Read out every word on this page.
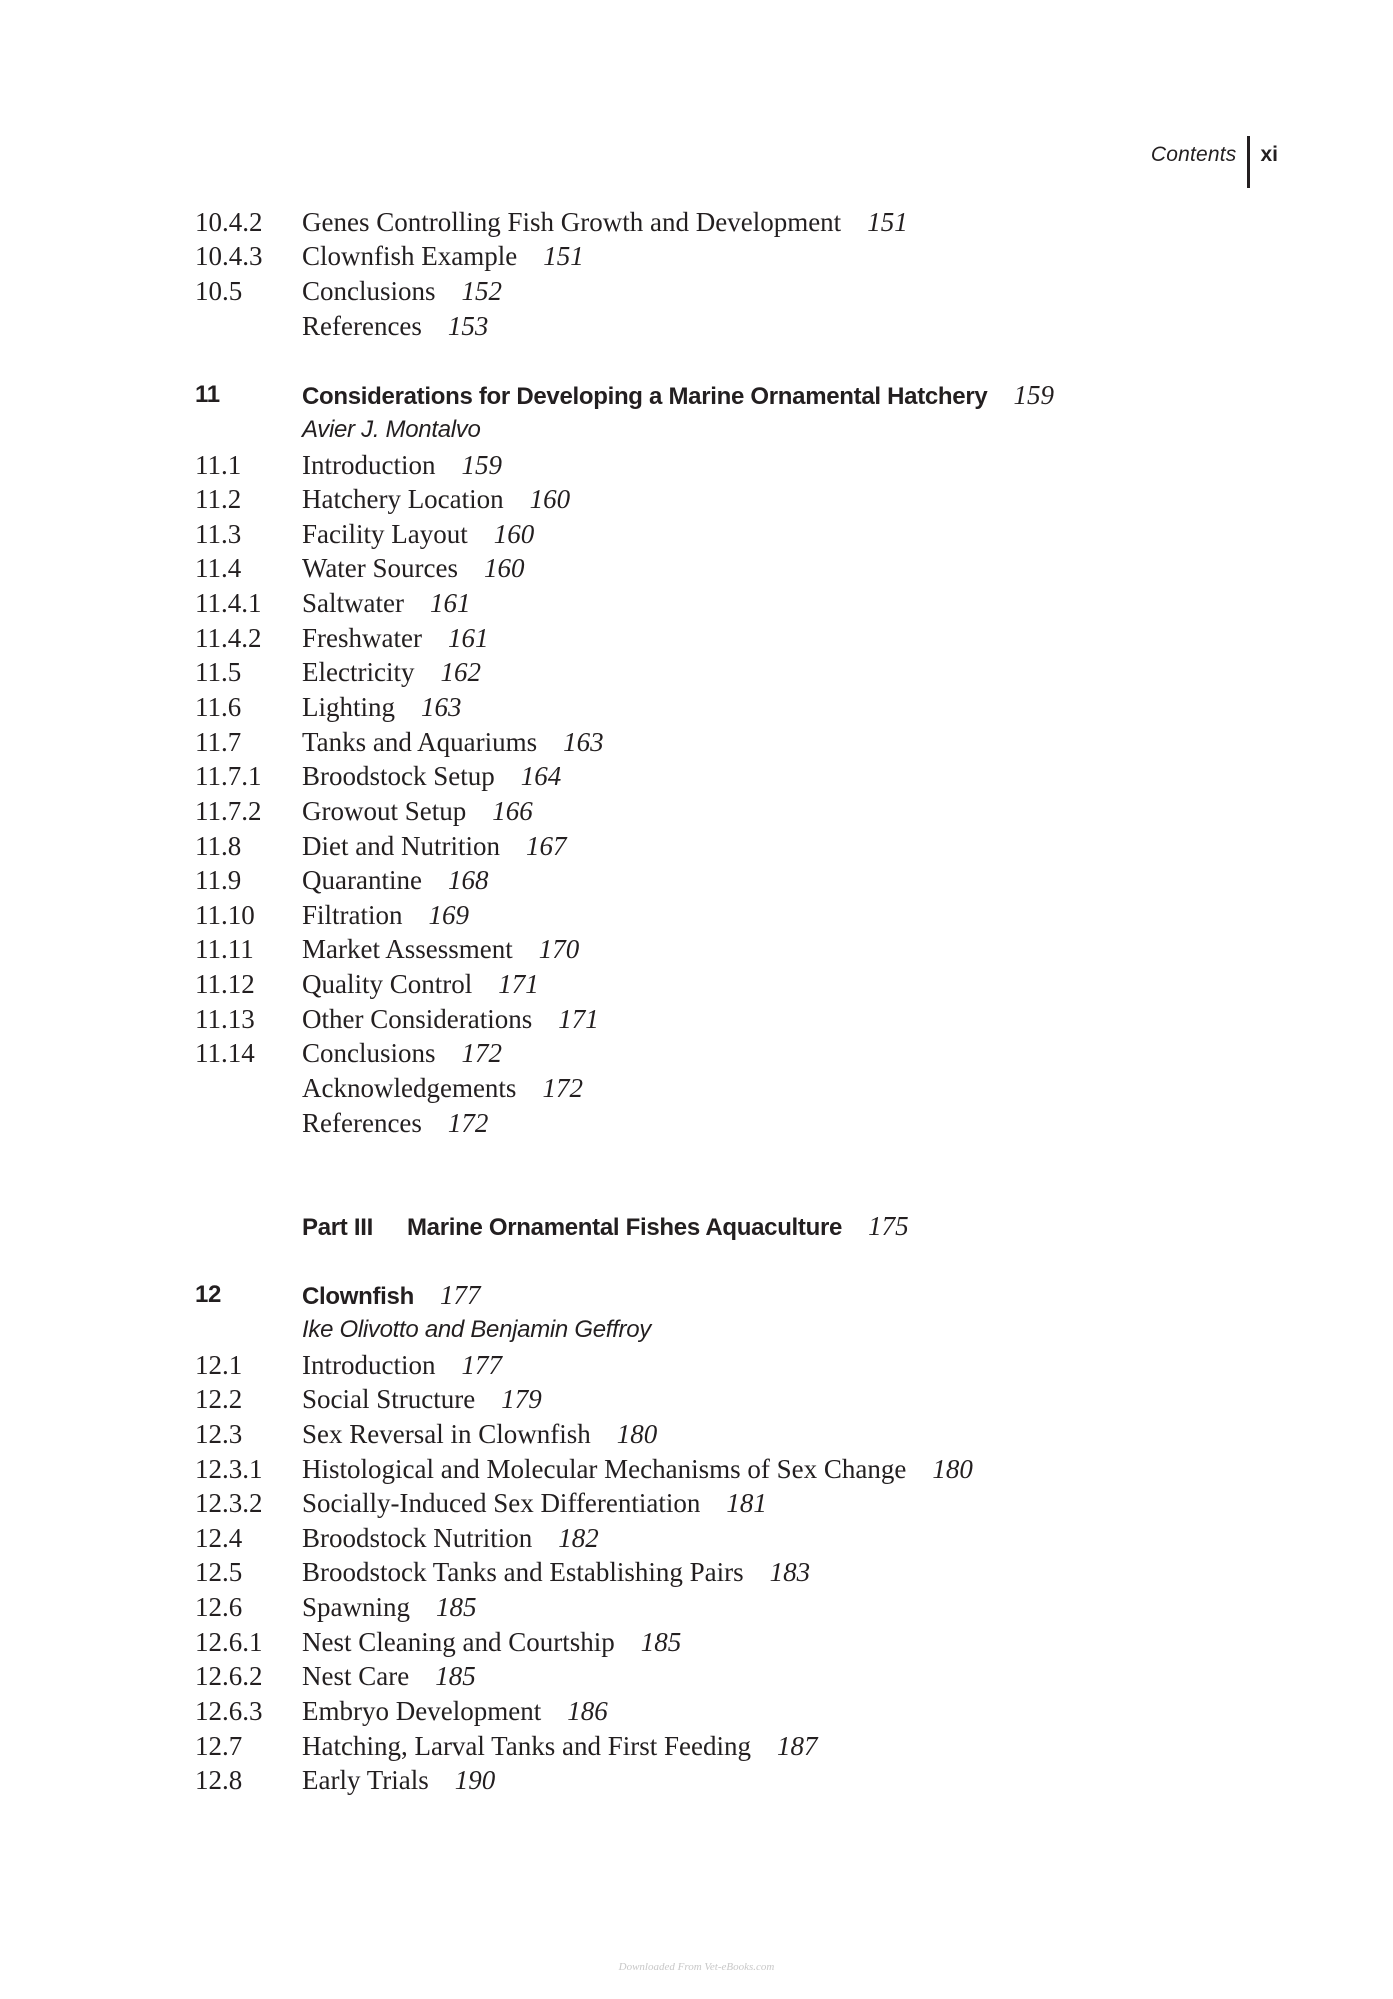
Contents xi
10.4.2 Genes Controlling Fish Growth and Development 151
10.4.3 Clownfish Example 151
10.5 Conclusions 152
References 153
11	Considerations for Developing a Marine Ornamental Hatchery 159
Avier J. Montalvo
11.1 Introduction 159
11.2 Hatchery Location 160
11.3 Facility Layout 160
11.4 Water Sources 160
11.4.1 Saltwater 161
11.4.2 Freshwater 161
11.5 Electricity 162
11.6 Lighting 163
11.7 Tanks and Aquariums 163
11.7.1 Broodstock Setup 164
11.7.2 Growout Setup 166
11.8 Diet and Nutrition 167
11.9 Quarantine 168
11.10 Filtration 169
11.11 Market Assessment 170
11.12 Quality Control 171
11.13 Other Considerations 171
11.14 Conclusions 172
Acknowledgements 172
References 172
Part III Marine Ornamental Fishes Aquaculture 175
12	Clownfish 177
Ike Olivotto and Benjamin Geffroy
12.1 Introduction 177
12.2 Social Structure 179
12.3 Sex Reversal in Clownfish 180
12.3.1 Histological and Molecular Mechanisms of Sex Change 180
12.3.2 Socially-Induced Sex Differentiation 181
12.4 Broodstock Nutrition 182
12.5 Broodstock Tanks and Establishing Pairs 183
12.6 Spawning 185
12.6.1 Nest Cleaning and Courtship 185
12.6.2 Nest Care 185
12.6.3 Embryo Development 186
12.7 Hatching, Larval Tanks and First Feeding 187
12.8 Early Trials 190
Downloaded From Vet-eBooks.com
